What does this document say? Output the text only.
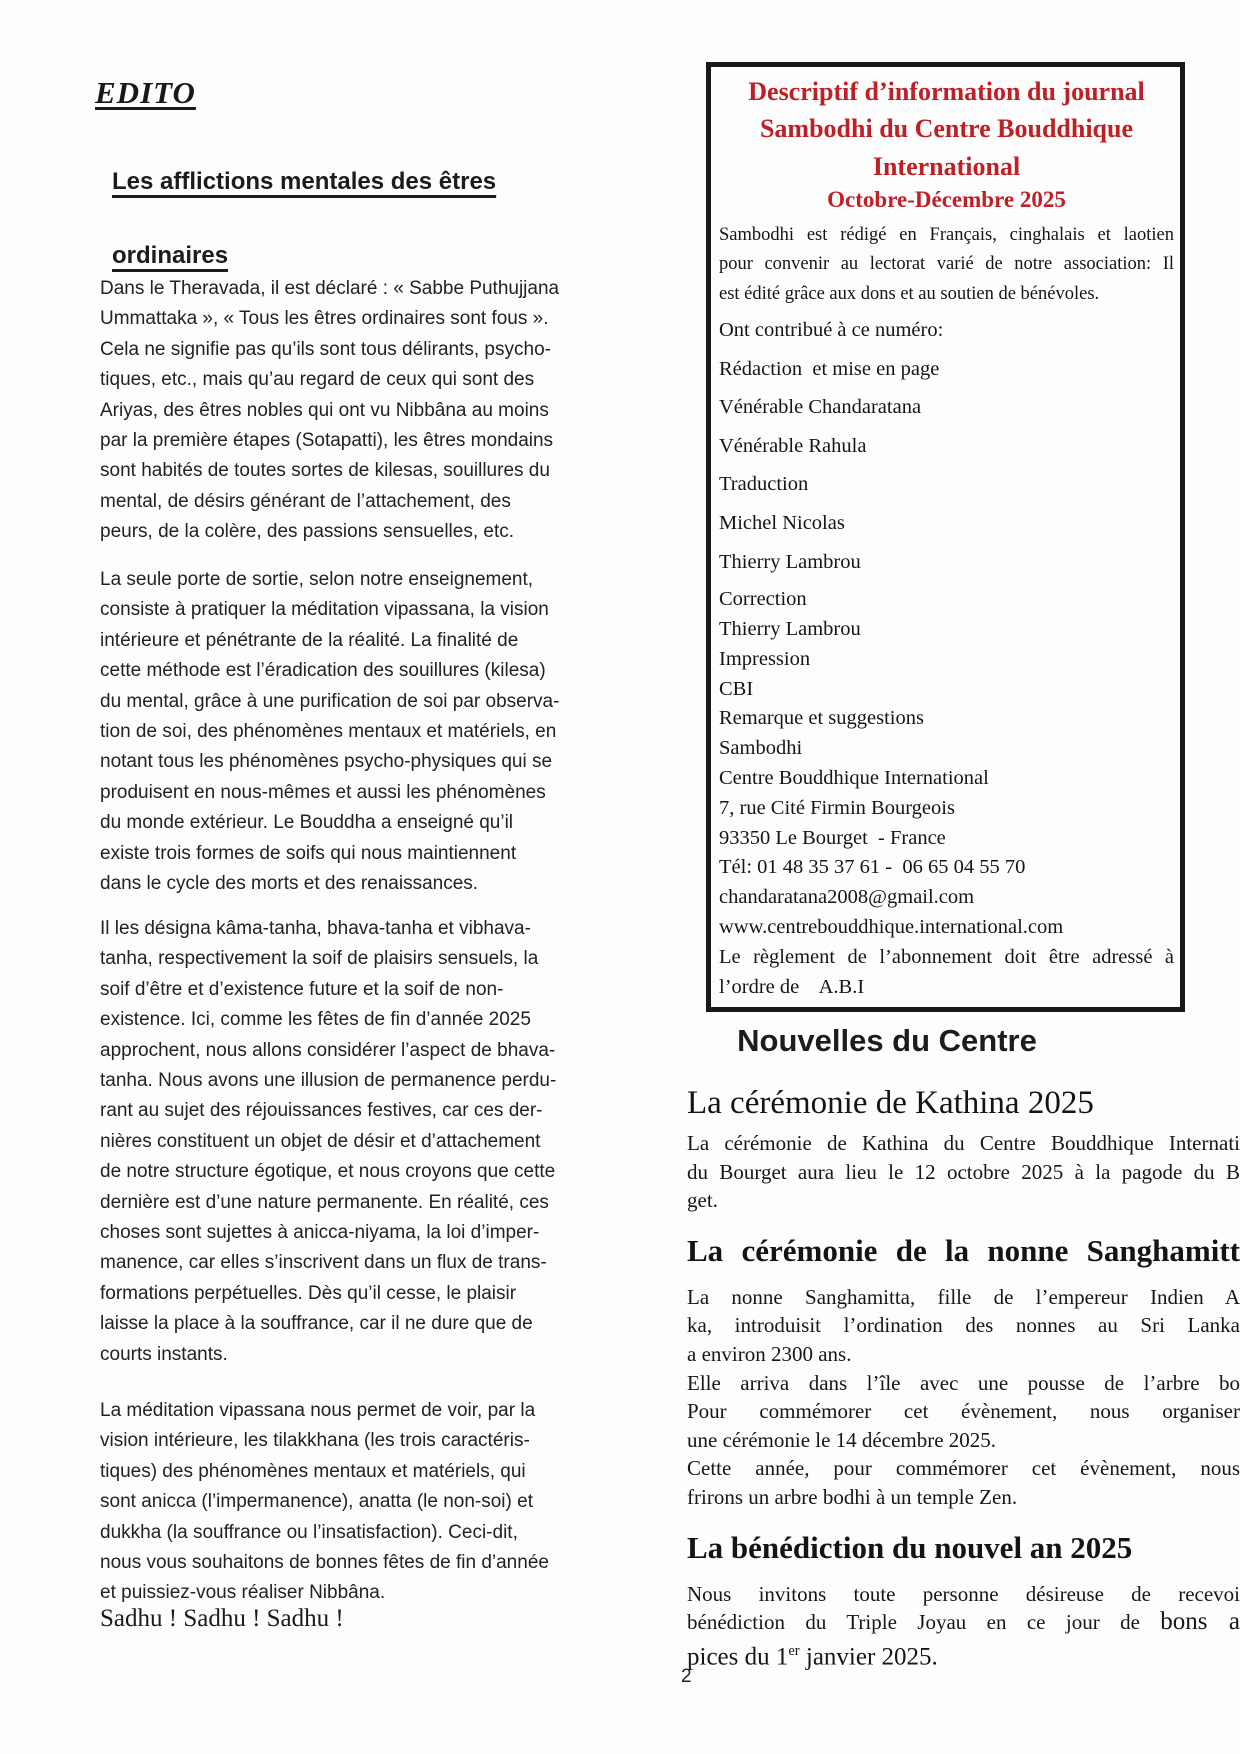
EDITO
Les afflictions mentales des êtres
ordinaires
Dans le Theravada, il est déclaré : « Sabbe Puthujjana
Ummattaka », « Tous les êtres ordinaires sont fous ».
Cela ne signifie pas qu’ils sont tous délirants, psycho-
tiques, etc., mais qu’au regard de ceux qui sont des
Ariyas, des êtres nobles qui ont vu Nibbâna au moins
par la première étapes (Sotapatti), les êtres mondains
sont habités de toutes sortes de kilesas, souillures du
mental, de désirs générant de l’attachement, des
peurs, de la colère, des passions sensuelles, etc.
La seule porte de sortie, selon notre enseignement,
consiste à pratiquer la méditation vipassana, la vision
intérieure et pénétrante de la réalité. La finalité de
cette méthode est l’éradication des souillures (kilesa)
du mental, grâce à une purification de soi par observa-
tion de soi, des phénomènes mentaux et matériels, en
notant tous les phénomènes psycho-physiques qui se
produisent en nous-mêmes et aussi les phénomènes
du monde extérieur. Le Bouddha a enseigné qu’il
existe trois formes de soifs qui nous maintiennent
dans le cycle des morts et des renaissances.
Il les désigna kâma-tanha, bhava-tanha et vibhava-
tanha, respectivement la soif de plaisirs sensuels, la
soif d’être et d’existence future et la soif de non-
existence. Ici, comme les fêtes de fin d’année 2025
approchent, nous allons considérer l’aspect de bhava-
tanha. Nous avons une illusion de permanence perdu-
rant au sujet des réjouissances festives, car ces der-
nières constituent un objet de désir et d’attachement
de notre structure égotique, et nous croyons que cette
dernière est d’une nature permanente. En réalité, ces
choses sont sujettes à anicca-niyama, la loi d’imper-
manence, car elles s’inscrivent dans un flux de trans-
formations perpétuelles. Dès qu’il cesse, le plaisir
laisse la place à la souffrance, car il ne dure que de
courts instants.
La méditation vipassana nous permet de voir, par la
vision intérieure, les tilakkhana (les trois caractéris-
tiques) des phénomènes mentaux et matériels, qui
sont anicca (l’impermanence), anatta (le non-soi) et
dukkha (la souffrance ou l’insatisfaction). Ceci-dit,
nous vous souhaitons de bonnes fêtes de fin d’année
et puissiez-vous réaliser Nibbâna.
Sadhu ! Sadhu ! Sadhu !
Descriptif d’information du journal
Sambodhi du Centre Bouddhique
International
Octobre-Décembre 2025
Sambodhi est rédigé en Français, cinghalais et laotien
pour convenir au lectorat varié de notre association: Il
est édité grâce aux dons et au soutien de bénévoles.
Ont contribué à ce numéro:
Rédaction  et mise en page
Vénérable Chandaratana
Vénérable Rahula
Traduction
Michel Nicolas
Thierry Lambrou
Correction
Thierry Lambrou
Impression
CBI
Remarque et suggestions
Sambodhi
Centre Bouddhique International
7, rue Cité Firmin Bourgeois
93350 Le Bourget  - France
Tél: 01 48 35 37 61 -  06 65 04 55 70
chandaratana2008@gmail.com
www.centrebouddhique.international.com
Le règlement de l’abonnement doit être adressé à
l’ordre de    A.B.I
Nouvelles du Centre
La cérémonie de Kathina 2025
La cérémonie de Kathina du Centre Bouddhique Internati
du Bourget aura lieu le 12 octobre 2025 à la pagode du B
get.
La cérémonie de la nonne Sanghamitt
La nonne Sanghamitta, fille de l’empereur Indien A
ka, introduisit l’ordination des nonnes au Sri Lanka
a environ 2300 ans.
Elle arriva dans l’île avec une pousse de l’arbre bo
Pour commémorer cet évènement, nous organiser
une cérémonie le 14 décembre 2025.
Cette année, pour commémorer cet évènement, nous
frirons un arbre bodhi à un temple Zen.
La bénédiction du nouvel an 2025
Nous invitons toute personne désireuse de recevoi
bénédiction du Triple Joyau en ce jour de bons a
pices du 1er janvier 2025.
2
